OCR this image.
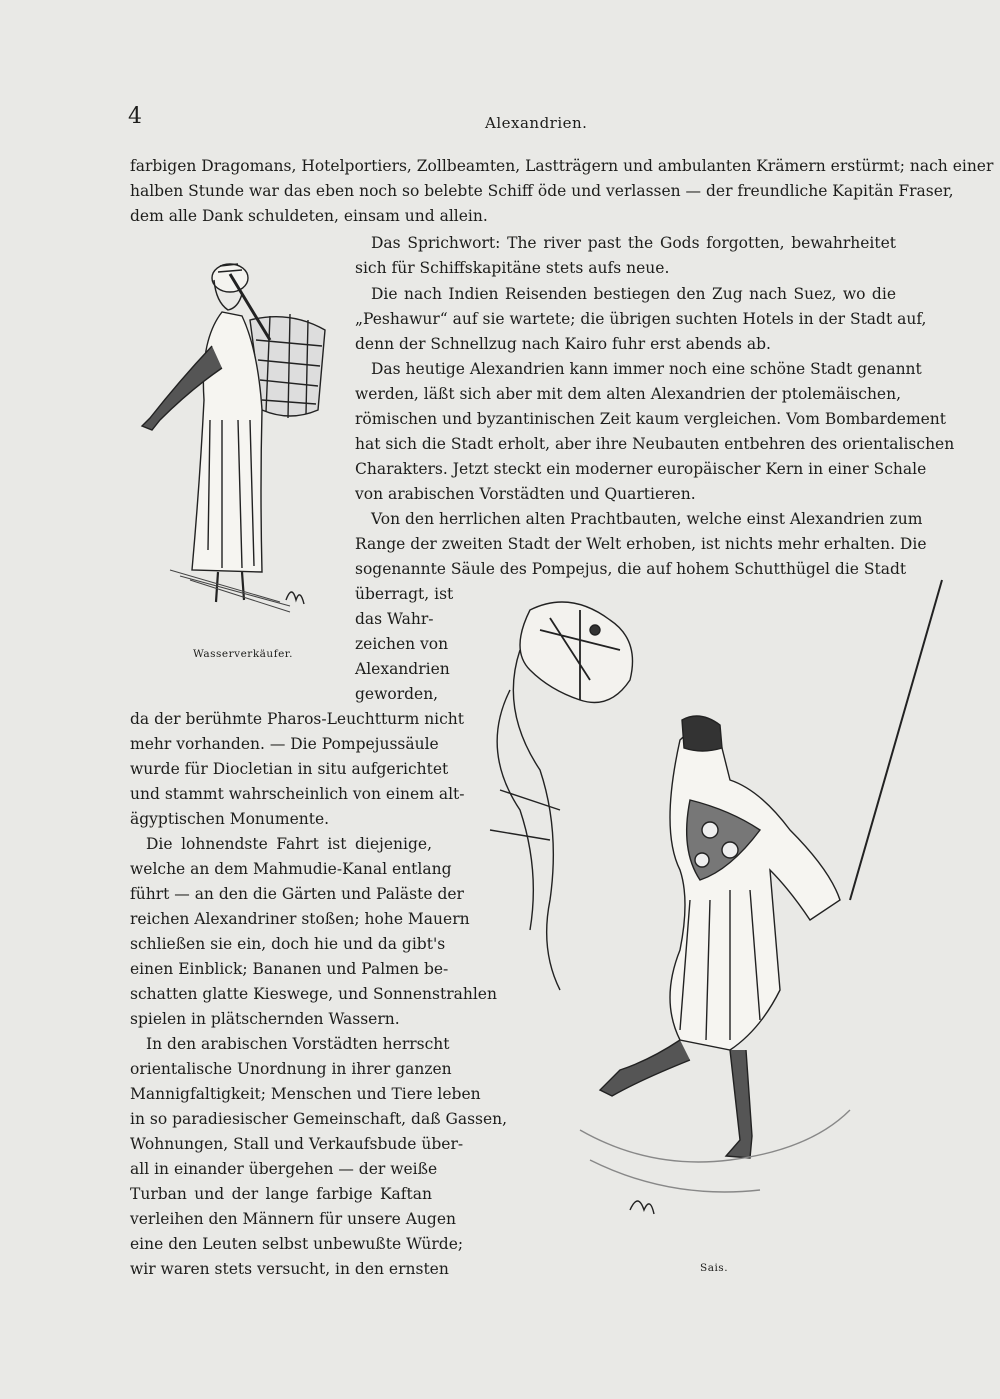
4	Alexandrien.
farbigen Dragomans, Hotelportiers, Zollbeamten, Lastträgern und ambulanten Krämern erstürmt; nach einer
halben Stunde war das eben noch so belebte Schiff öde und verlassen — der freundliche Kapitän Fraser,
dem alle Dank schuldeten, einsam und allein.
Das Sprichwort: The river past the Gods forgotten, bewahrheitet
sich für Schiffskapitäne stets aufs neue.
Die nach Indien Reisenden bestiegen den Zug nach Suez, wo die
„Peshawur“ auf sie wartete; die übrigen suchten Hotels in der Stadt auf,
denn der Schnellzug nach Kairo fuhr erst abends ab.
Das heutige Alexandrien kann immer noch eine schöne Stadt genannt
werden, läßt sich aber mit dem alten Alexandrien der ptolemäischen,
römischen und byzantinischen Zeit kaum vergleichen. Vom Bombardement
hat sich die Stadt erholt, aber ihre Neubauten entbehren des orientalischen
Charakters. Jetzt steckt ein moderner europäischer Kern in einer Schale
von arabischen Vorstädten und Quartieren.
Von den herrlichen alten Prachtbauten, welche einst Alexandrien zum
Range der zweiten Stadt der Welt erhoben, ist nichts mehr erhalten. Die
sogenannte Säule des Pompejus, die auf hohem Schutthügel die Stadt
überragt, ist
das Wahr-
zeichen von
Alexandrien
geworden,
da der berühmte Pharos-Leuchtturm nicht
mehr vorhanden. — Die Pompejussäule
wurde für Diocletian in situ aufgerichtet
und stammt wahrscheinlich von einem alt-
ägyptischen Monumente.
Die lohnendste Fahrt ist diejenige,
welche an dem Mahmudie-Kanal entlang
führt — an den die Gärten und Paläste der
reichen Alexandriner stoßen; hohe Mauern
schließen sie ein, doch hie und da gibt's
einen Einblick; Bananen und Palmen be-
schatten glatte Kieswege, und Sonnenstrahlen
spielen in plätschernden Wassern.
In den arabischen Vorstädten herrscht
orientalische Unordnung in ihrer ganzen
Mannigfaltigkeit; Menschen und Tiere leben
in so paradiesischer Gemeinschaft, daß Gassen,
Wohnungen, Stall und Verkaufsbude über-
all in einander übergehen — der weiße
Turban und der lange farbige Kaftan
verleihen den Männern für unsere Augen
eine den Leuten selbst unbewußte Würde;
wir waren stets versucht, in den ernsten
Wasserverkäufer.
Sais.
